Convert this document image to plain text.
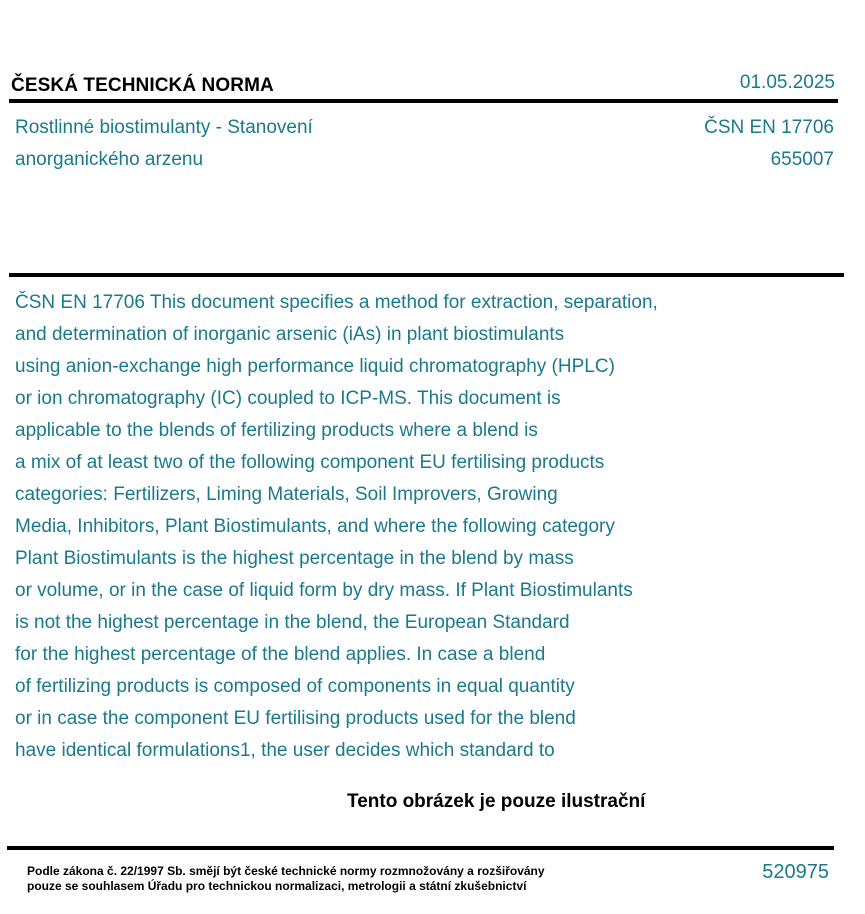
ČESKÁ TECHNICKÁ NORMA	01.05.2025
Rostlinné biostimulanty - Stanovení
anorganického arzenu
ČSN EN 17706
655007
ČSN EN 17706 This document specifies a method for extraction, separation,
and determination of inorganic arsenic (iAs) in plant biostimulants
using anion-exchange high performance liquid chromatography (HPLC)
or ion chromatography (IC) coupled to ICP-MS. This document is
applicable to the blends of fertilizing products where a blend is
a mix of at least two of the following component EU fertilising products
categories: Fertilizers, Liming Materials, Soil Improvers, Growing
Media, Inhibitors, Plant Biostimulants, and where the following category
Plant Biostimulants is the highest percentage in the blend by mass
or volume, or in the case of liquid form by dry mass. If Plant Biostimulants
is not the highest percentage in the blend, the European Standard
for the highest percentage of the blend applies. In case a blend
of fertilizing products is composed of components in equal quantity
or in case the component EU fertilising products used for the blend
have identical formulations1, the user decides which standard to
Tento obrázek je pouze ilustrační
Podle zákona č. 22/1997 Sb. smějí být české technické normy rozmnožovány a rozšiřovány
pouze se souhlasem Úřadu pro technickou normalizaci, metrologii a státní zkušebnictví
520975
